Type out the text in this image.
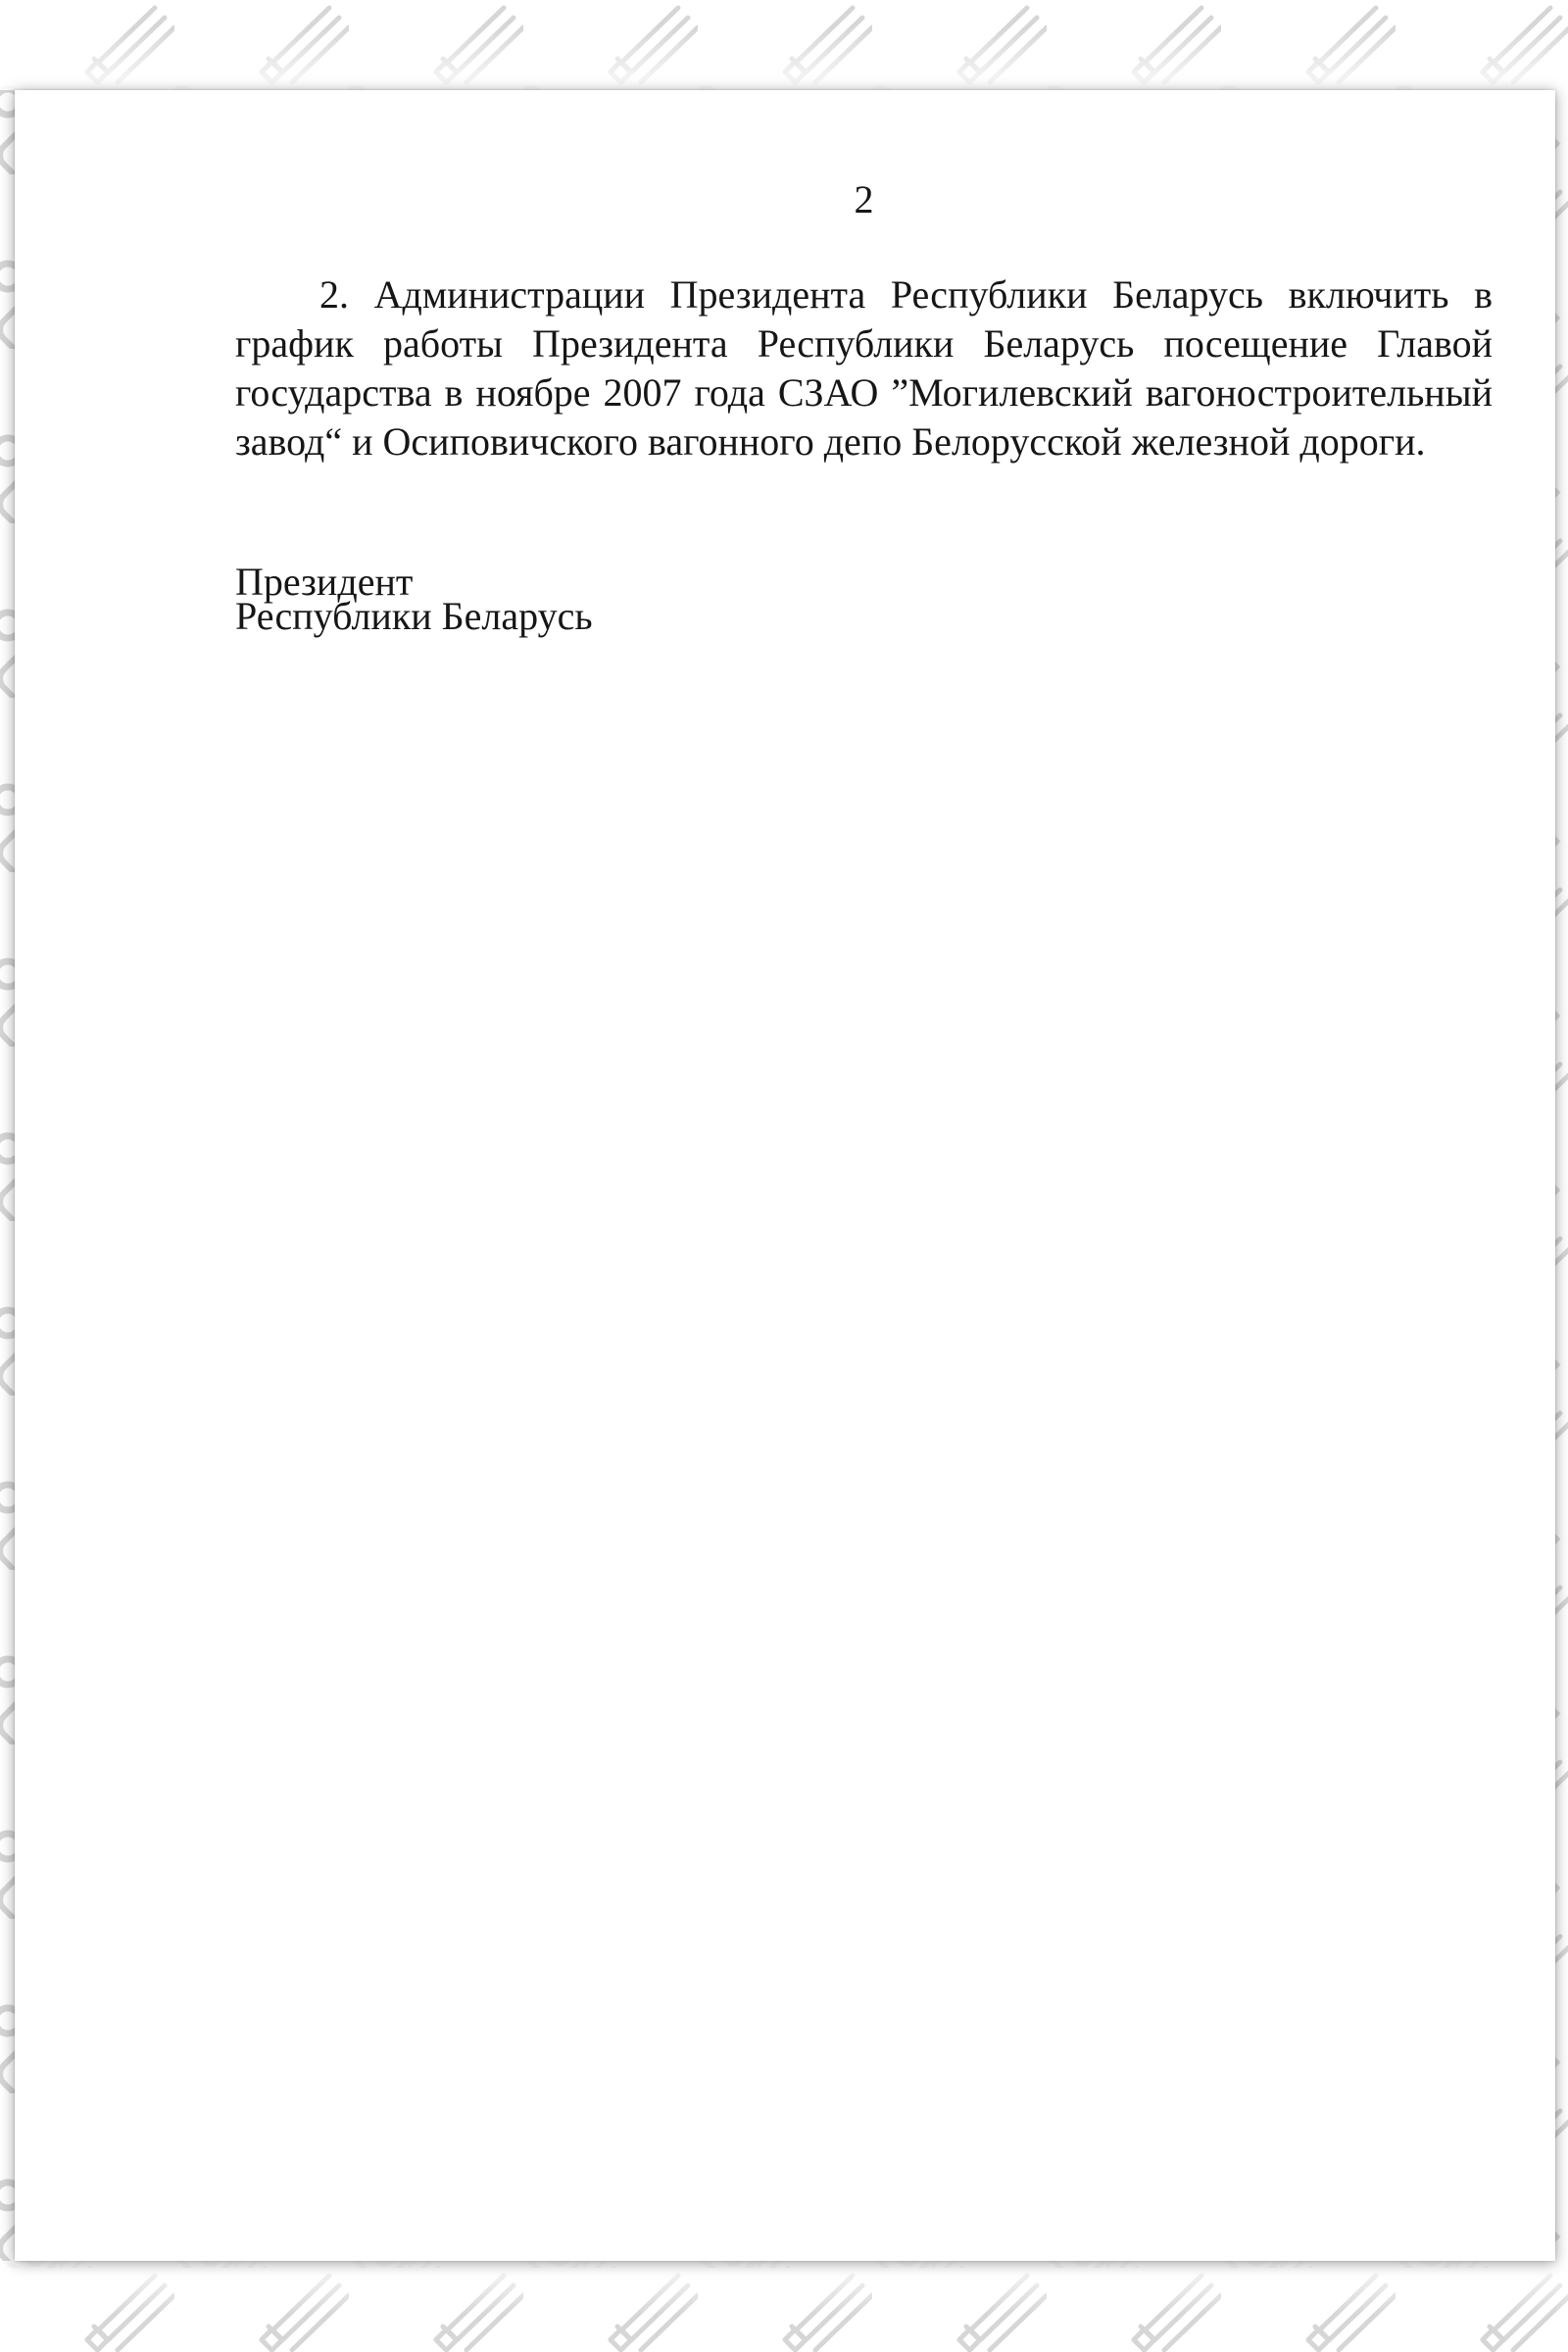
2

2. Администрации Президента Республики Беларусь включить в график работы Президента Республики Беларусь посещение Главой государства в ноябре 2007 года СЗАО ”Могилевский вагоностроительный завод“ и Осиповичского вагонного депо Белорусской железной дороги.

Президент
Республики Беларусь
